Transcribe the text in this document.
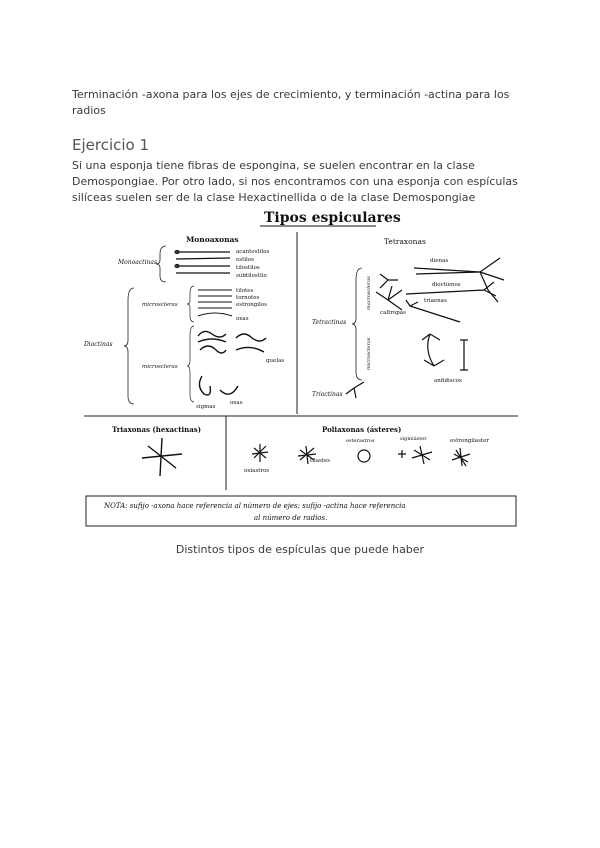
Terminación -axona para los ejes de crecimiento, y terminación -actina para los radios
Ejercicio 1
Si una esponja tiene fibras de espongina, se suelen encontrar en la clase Demospongiae. Por otro lado, si nos encontramos con una esponja con espículas silíceas suelen ser de la clase Hexactinellida o de la clase Demospongiae
Tipos espiculares
Monoaxonas
Monoactinas
acantostilos
estilos
tilostilos
subtilostilo
Diactinas
microscleras
tilotes
tornotes
estrongilos
oxas
microscleras
quelas
sigmas
oxas
Tetraxonas
Tetractinas
macroscleras
microscleras
dienas
caltropas
triaenas
dioctienos
anfidiscos
Triactinas
Triaxonas (hexactinas)	Poliaxonas (ásteres)
oxiastros
tilastes
esterastros	sigmiáster	estrongilaster
NOTA: sufijo -axona hace referencia al número de ejes; sufijo -actina hace referencia
al número de radios.
Distintos tipos de espículas que puede haber
